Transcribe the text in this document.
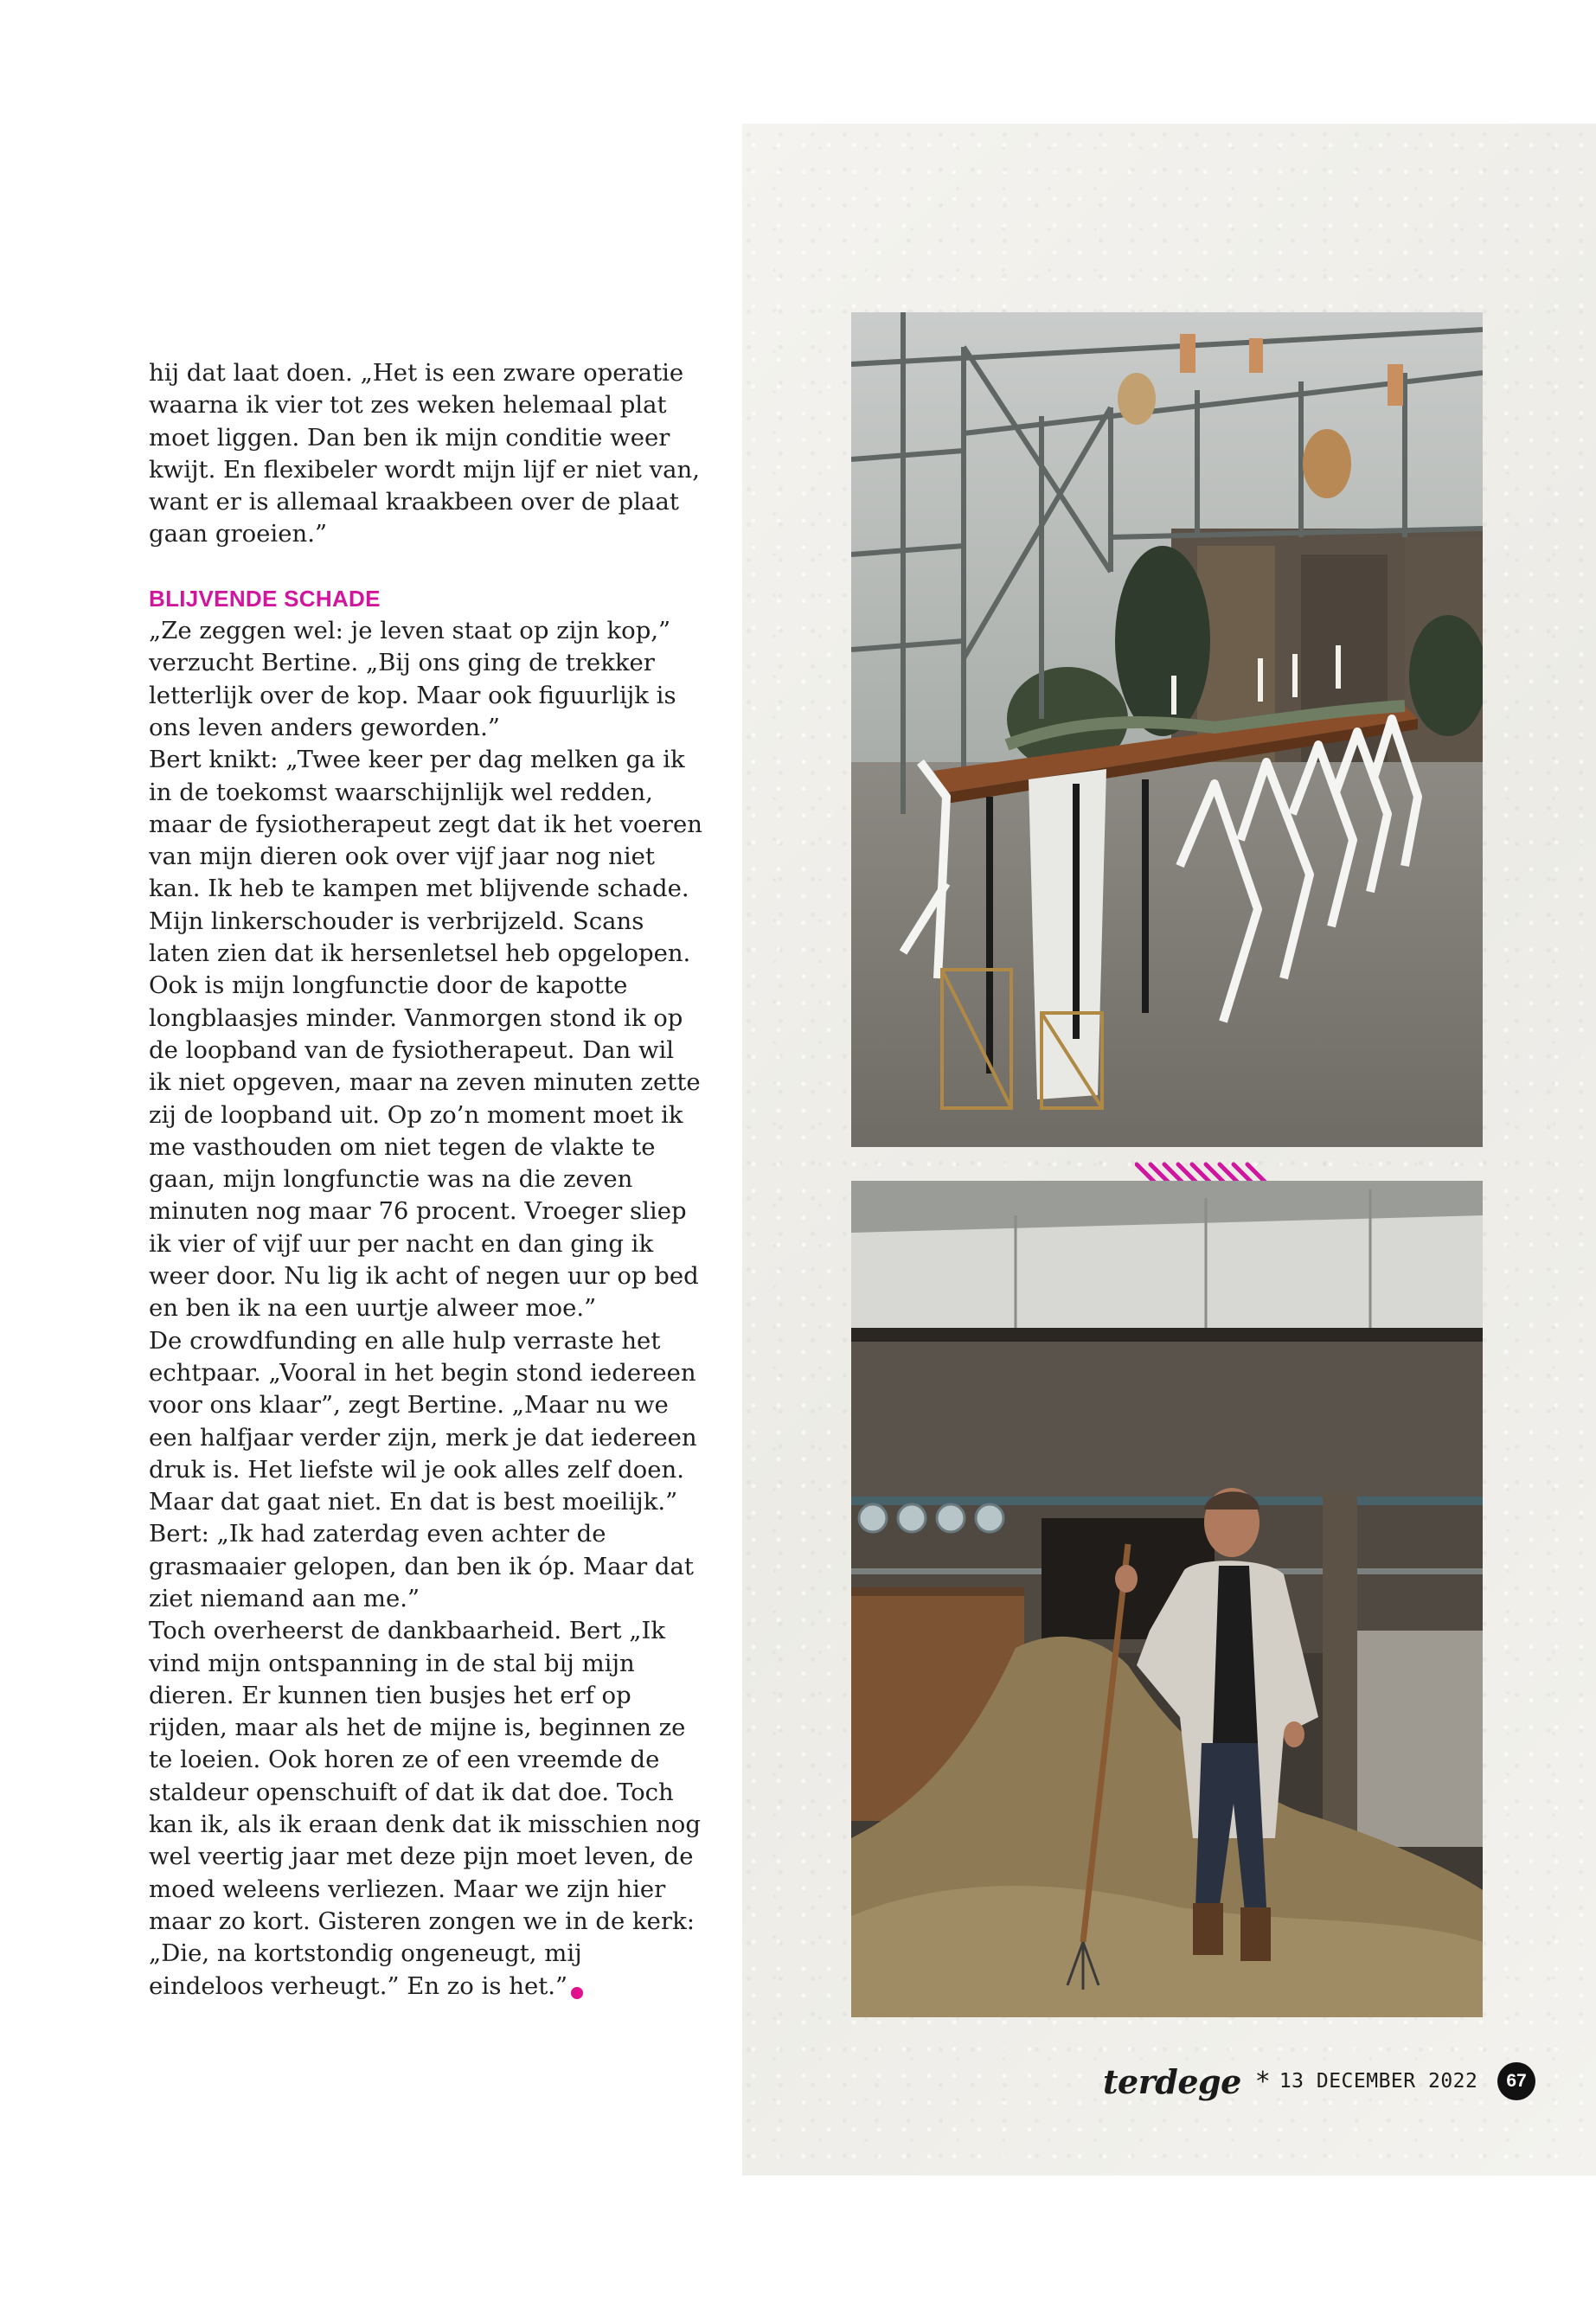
hij dat laat doen. „Het is een zware operatie waarna ik vier tot zes weken helemaal plat moet liggen. Dan ben ik mijn conditie weer kwijt. En flexibeler wordt mijn lijf er niet van, want er is allemaal kraakbeen over de plaat gaan groeien.”

BLIJVENDE SCHADE

„Ze zeggen wel: je leven staat op zijn kop,” verzucht Bertine. „Bij ons ging de trekker letterlijk over de kop. Maar ook figuurlijk is ons leven anders geworden.”

Bert knikt: „Twee keer per dag melken ga ik in de toekomst waarschijnlijk wel redden, maar de fysiotherapeut zegt dat ik het voeren van mijn dieren ook over vijf jaar nog niet kan. Ik heb te kampen met blijvende schade. Mijn linkerschouder is verbrijzeld. Scans laten zien dat ik hersenletsel heb opgelopen. Ook is mijn longfunctie door de kapotte longblaasjes minder. Vanmorgen stond ik op de loopband van de fysiotherapeut. Dan wil ik niet opgeven, maar na zeven minuten zette zij de loopband uit. Op zo’n moment moet ik me vasthouden om niet tegen de vlakte te gaan, mijn longfunctie was na die zeven minuten nog maar 76 procent. Vroeger sliep ik vier of vijf uur per nacht en dan ging ik weer door. Nu lig ik acht of negen uur op bed en ben ik na een uurtje alweer moe.”

De crowdfunding en alle hulp verraste het echtpaar. „Vooral in het begin stond iedereen voor ons klaar”, zegt Bertine. „Maar nu we een halfjaar verder zijn, merk je dat iedereen druk is. Het liefste wil je ook alles zelf doen. Maar dat gaat niet. En dat is best moeilijk.”

Bert: „Ik had zaterdag even achter de grasmaaier gelopen, dan ben ik óp. Maar dat ziet niemand aan me.”

Toch overheerst de dankbaarheid. Bert „Ik vind mijn ontspanning in de stal bij mijn dieren. Er kunnen tien busjes het erf op rijden, maar als het de mijne is, beginnen ze te loeien. Ook horen ze of een vreemde de staldeur openschuift of dat ik dat doe. Toch kan ik, als ik eraan denk dat ik misschien nog wel veertig jaar met deze pijn moet leven, de moed weleens verliezen. Maar we zijn hier maar zo kort. Gisteren zongen we in de kerk: „Die, na kortstondig ongeneugt, mij eindeloos verheugt.” En zo is het.”

terdege * 13 DECEMBER 2022	67
